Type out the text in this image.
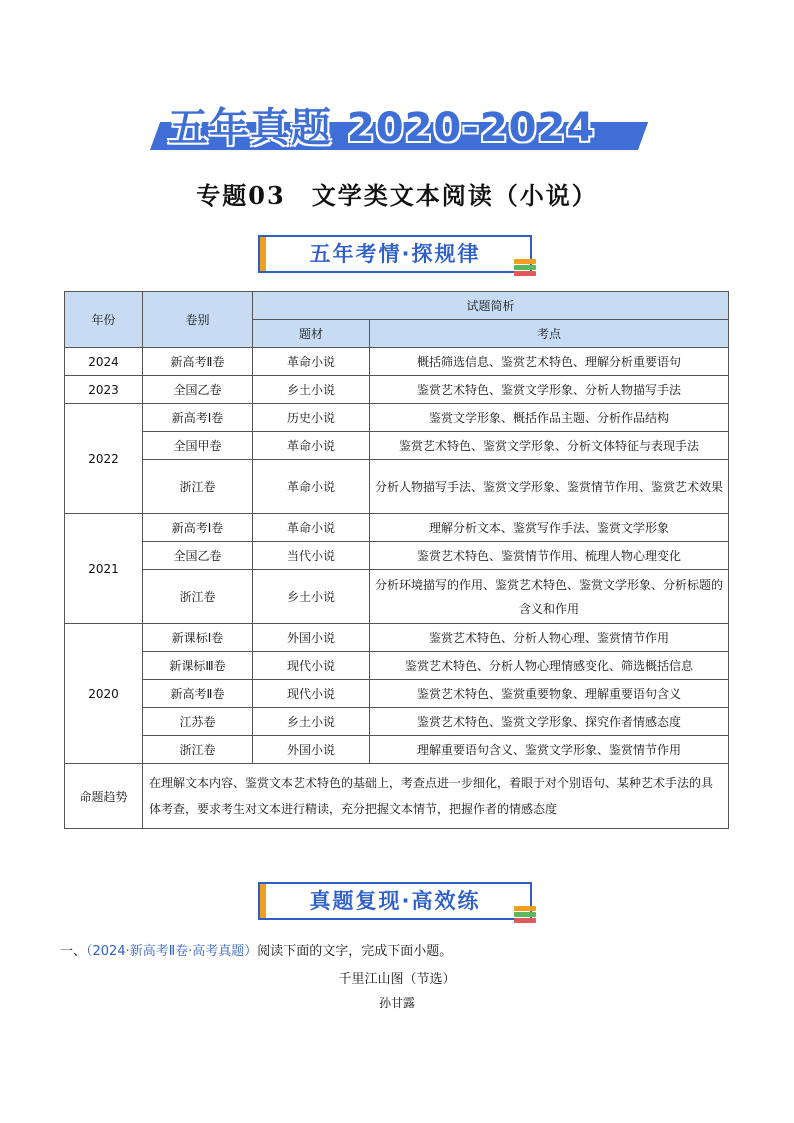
五年真题 2020-2024
专题03　文学类文本阅读（小说）
五年考情·探规律
年份	卷别	试题简析	
		题材	考点
2024	新高考Ⅱ卷	革命小说	概括筛选信息、鉴赏艺术特色、理解分析重要语句
2023	全国乙卷	乡土小说	鉴赏艺术特色、鉴赏文学形象、分析人物描写手法
2022	新高考Ⅰ卷	历史小说	鉴赏文学形象、概括作品主题、分析作品结构
	全国甲卷	革命小说	鉴赏艺术特色、鉴赏文学形象、分析文体特征与表现手法
	浙江卷	革命小说	分析人物描写手法、鉴赏文学形象、鉴赏情节作用、鉴赏艺术效果
2021	新高考Ⅰ卷	革命小说	理解分析文本、鉴赏写作手法、鉴赏文学形象
	全国乙卷	当代小说	鉴赏艺术特色、鉴赏情节作用、梳理人物心理变化
	浙江卷	乡土小说	分析环境描写的作用、鉴赏艺术特色、鉴赏文学形象、分析标题的含义和作用
2020	新课标Ⅰ卷	外国小说	鉴赏艺术特色、分析人物心理、鉴赏情节作用
	新课标Ⅲ卷	现代小说	鉴赏艺术特色、分析人物心理情感变化、筛选概括信息
	新高考Ⅱ卷	现代小说	鉴赏艺术特色、鉴赏重要物象、理解重要语句含义
	江苏卷	乡土小说	鉴赏艺术特色、鉴赏文学形象、探究作者情感态度
	浙江卷	外国小说	理解重要语句含义、鉴赏文学形象、鉴赏情节作用
命题趋势	在理解文本内容、鉴赏文本艺术特色的基础上，考查点进一步细化，着眼于对个别语句、某种艺术手法的具体考查，要求考生对文本进行精读，充分把握文本情节，把握作者的情感态度		
真题复现·高效练
一、（2024·新高考Ⅱ卷·高考真题）阅读下面的文字，完成下面小题。
千里江山图（节选）
孙甘露
